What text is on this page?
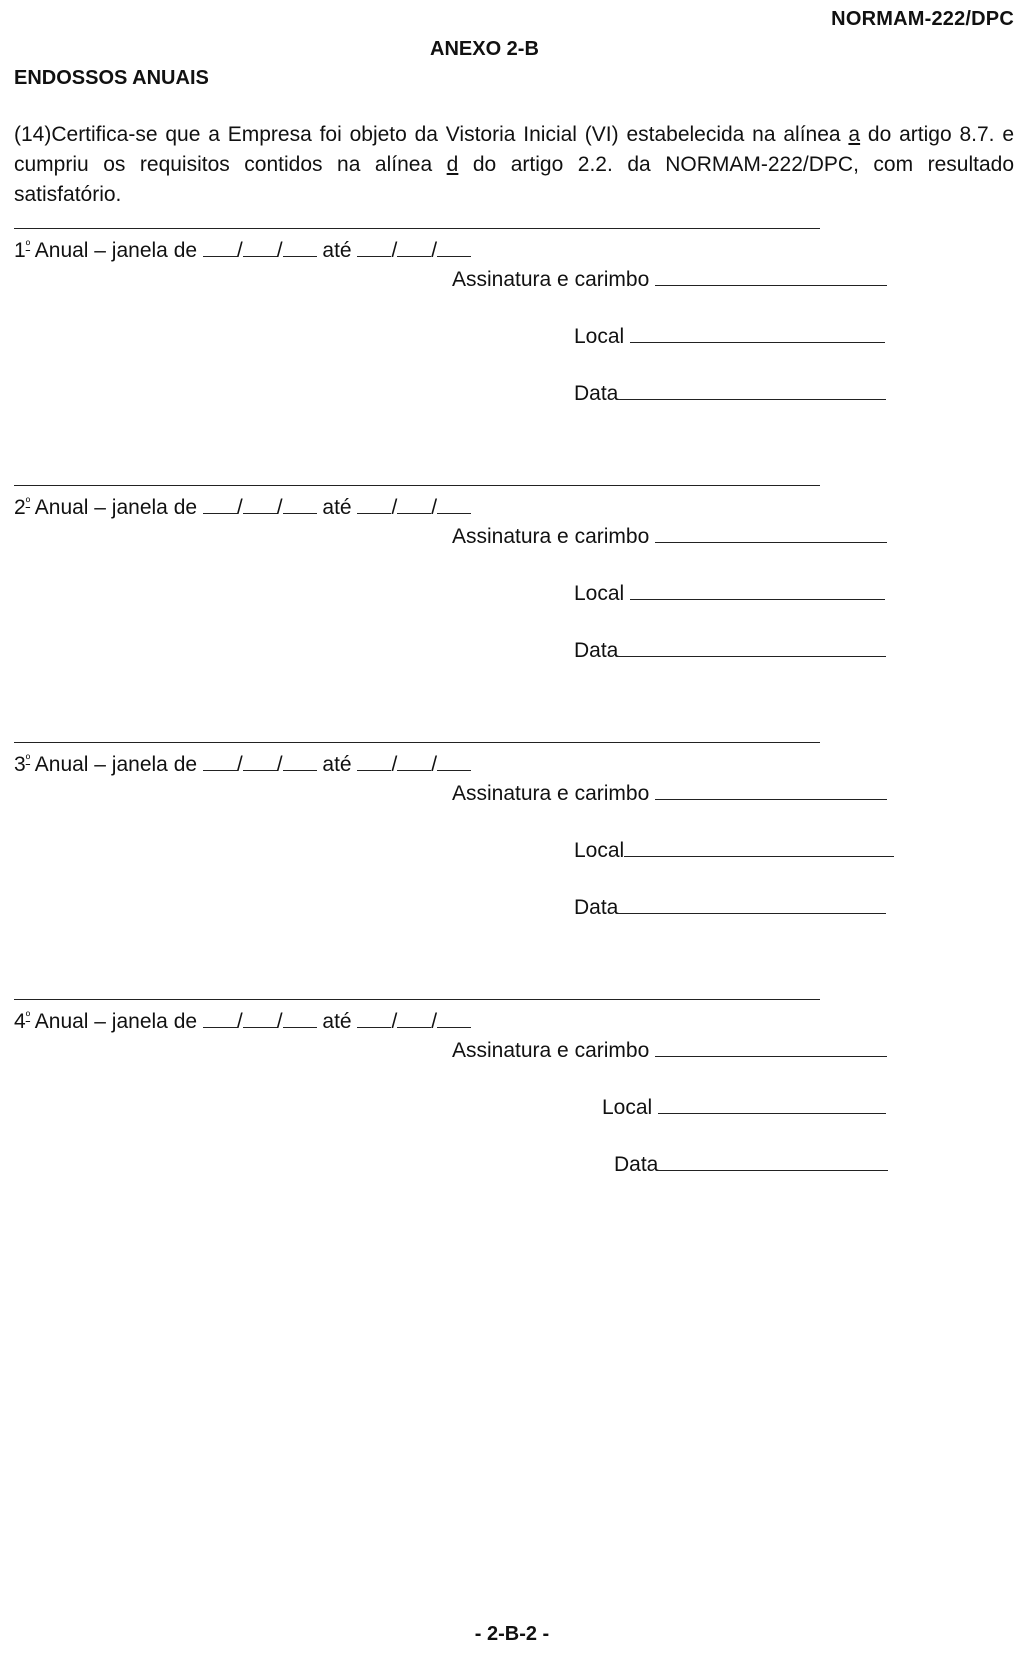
NORMAM-222/DPC
ANEXO 2-B
ENDOSSOS ANUAIS

(14)Certifica-se que a Empresa foi objeto da Vistoria Inicial (VI) estabelecida na alínea a do artigo 8.7. e cumpriu os requisitos contidos na alínea d do artigo 2.2. da NORMAM-222/DPC, com resultado satisfatório.

$1^º$ Anual – janela de / / até / /
Assinatura e carimbo
Local
Data
$2^º$ Anual – janela de / / até / /
Assinatura e carimbo
Local
Data
$3^º$ Anual – janela de / / até / /
Assinatura e carimbo
Local
Data
$4^º$ Anual – janela de / / até / /
Assinatura e carimbo
Local
Data
- 2-B-2 -
